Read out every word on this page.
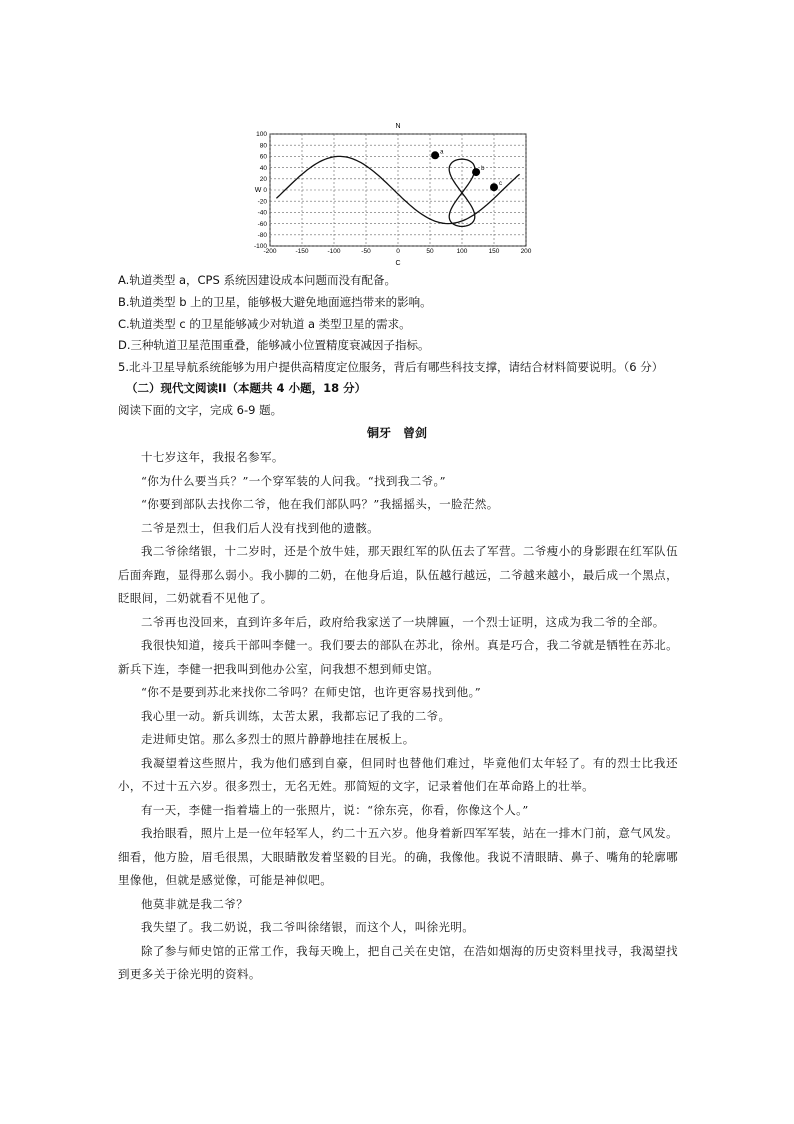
-200	-150	-100	-50	0	50	100	150	200
100
80
60
40
20
0
-20
-40
-60
-80
-100
a
b
c
N
W
C
A.轨道类型 a，CPS 系统因建设成本问题而没有配备。
B.轨道类型 b 上的卫星，能够极大避免地面遮挡带来的影响。
C.轨道类型 c 的卫星能够减少对轨道 a 类型卫星的需求。
D.三种轨道卫星范围重叠，能够减小位置精度衰减因子指标。
5.北斗卫星导航系统能够为用户提供高精度定位服务，背后有哪些科技支撑，请结合材料简要说明。（6 分）
（二）现代文阅读II（本题共 4 小题，18 分）
阅读下面的文字，完成 6-9 题。
铜牙　曾剑
十七岁这年，我报名参军。
“你为什么要当兵？”一个穿军装的人问我。“找到我二爷。”
“你要到部队去找你二爷，他在我们部队吗？”我摇摇头，一脸茫然。
二爷是烈士，但我们后人没有找到他的遗骸。
我二爷徐绪银，十二岁时，还是个放牛娃，那天跟红军的队伍去了军营。二爷瘦小的身影跟在红军队伍后面奔跑，显得那么弱小。我小脚的二奶，在他身后追，队伍越行越远，二爷越来越小，最后成一个黑点，眨眼间，二奶就看不见他了。
二爷再也没回来，直到许多年后，政府给我家送了一块牌匾，一个烈士证明，这成为我二爷的全部。
我很快知道，接兵干部叫李健一。我们要去的部队在苏北，徐州。真是巧合，我二爷就是牺牲在苏北。新兵下连，李健一把我叫到他办公室，问我想不想到师史馆。
“你不是要到苏北来找你二爷吗？在师史馆，也许更容易找到他。”
我心里一动。新兵训练，太苦太累，我都忘记了我的二爷。
走进师史馆。那么多烈士的照片静静地挂在展板上。
我凝望着这些照片，我为他们感到自豪，但同时也替他们难过，毕竟他们太年轻了。有的烈士比我还小，不过十五六岁。很多烈士，无名无姓。那简短的文字，记录着他们在革命路上的壮举。
有一天，李健一指着墙上的一张照片，说：“徐东亮，你看，你像这个人。”
我抬眼看，照片上是一位年轻军人，约二十五六岁。他身着新四军军装，站在一排木门前，意气风发。细看，他方脸，眉毛很黑，大眼睛散发着坚毅的目光。的确，我像他。我说不清眼睛、鼻子、嘴角的轮廓哪里像他，但就是感觉像，可能是神似吧。
他莫非就是我二爷？
我失望了。我二奶说，我二爷叫徐绪银，而这个人，叫徐光明。
除了参与师史馆的正常工作，我每天晚上，把自己关在史馆，在浩如烟海的历史资料里找寻，我渴望找到更多关于徐光明的资料。
